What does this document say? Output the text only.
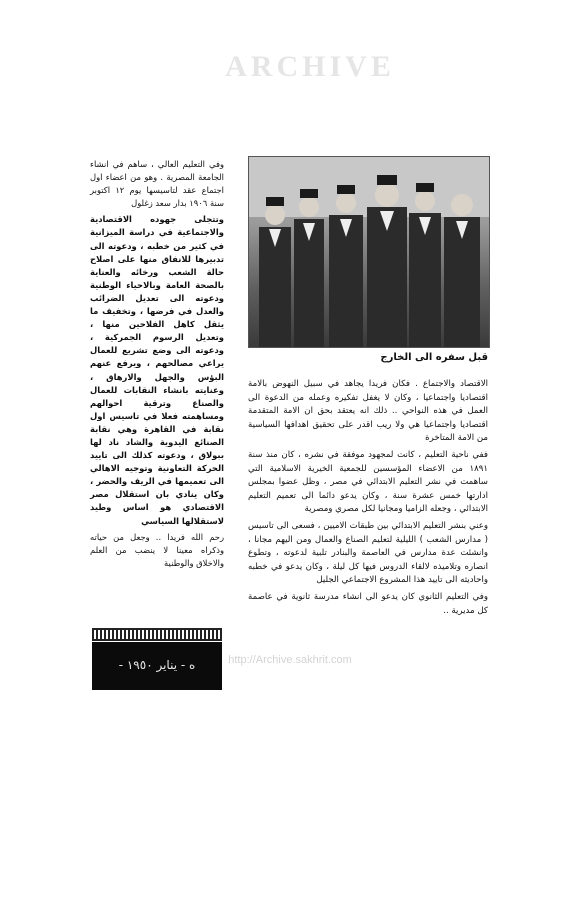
ARCHIVE
قبل سفره الى الخارج

الاقتصاد والاجتماع . فكان فريدا يجاهد في سبيل النهوض بالامة اقتصاديا واجتماعيا ، وكان لا يغفل تفكيره وعمله من الدعوة الى العمل في هذه النواحي .. ذلك انه يعتقد بحق ان الامة المتقدمة اقتصاديا واجتماعيا هي ولا ريب اقدر على تحقيق اهدافها السياسية من الامة المتاخرة

ففي ناحية التعليم ، كانت لمجهود موفقة في نشره ، كان منذ سنة ١٨٩١ من الاعضاء المؤسسين للجمعية الخيرية الاسلامية التي ساهمت في نشر التعليم الابتدائي في مصر ، وظل عضوا بمجلس ادارتها خمس عشرة سنة ، وكان يدعو دائما الى تعميم التعليم الابتدائي ، وجعله الزاميا ومجانيا لكل مصري ومصرية

وعني بنشر التعليم الابتدائي بين طبقات الاميين ، فسعى الى تاسيس ( مدارس الشعب ) الليلية لتعليم الصناع والعمال ومن اليهم مجانا ، وانشئت عدة مدارس في العاصمة والبنادر تلبية لدعوته ، وتطوع انصاره وتلاميذه لالقاء الدروس فيها كل ليلة ، وكان يدعو في خطبه واحاديثه الى تاييد هذا المشروع الاجتماعي الجليل

وفي التعليم الثانوي كان يدعو الى انشاء مدرسة ثانوية في عاصمة كل مديرية ..

وفي التعليم العالي ، ساهم في انشاء الجامعة المصرية . وهو من اعضاء اول اجتماع عقد لتاسيسها يوم ١٢ اكتوبر سنة ١٩٠٦ بدار سعد زغلول

وتتجلى جهوده الاقتصادية والاجتماعية في دراسة الميزانية في كثير من خطبه ، ودعوته الى تدبيرها للانفاق منها على اصلاح حالة الشعب ورخائه والعناية بالصحة العامة وبالاحياء الوطنية ودعوته الى تعديل الضرائب والعدل في فرضها ، وتخفيف ما يثقل كاهل الفلاحين منها ، وتعديل الرسوم الجمركية ، ودعوته الى وضع تشريع للعمال يراعي مصالحهم ، ويرفع عنهم البؤس والجهل والارهاق ، وعنايته بانشاء النقابات للعمال والصناع وترقية احوالهم ومساهمته فعلا في تاسيس اول نقابة في القاهرة وهي نقابة الصنائع اليدوية والشاد ناد لها ببولاق ، ودعوته كذلك الى تاييد الحركة التعاونية وتوجيه الاهالي الى تعميمها في الريف والحضر ، وكان ينادي بان استقلال مصر الاقتصادي هو اساس وطيد لاستقلالها السياسي

رحم الله فريدا .. وجعل من حياته وذكراه معينا لا ينضب من العلم والاخلاق والوطنية

http://Archive.sakhrit.com
ه - يناير ١٩٥٠ -
